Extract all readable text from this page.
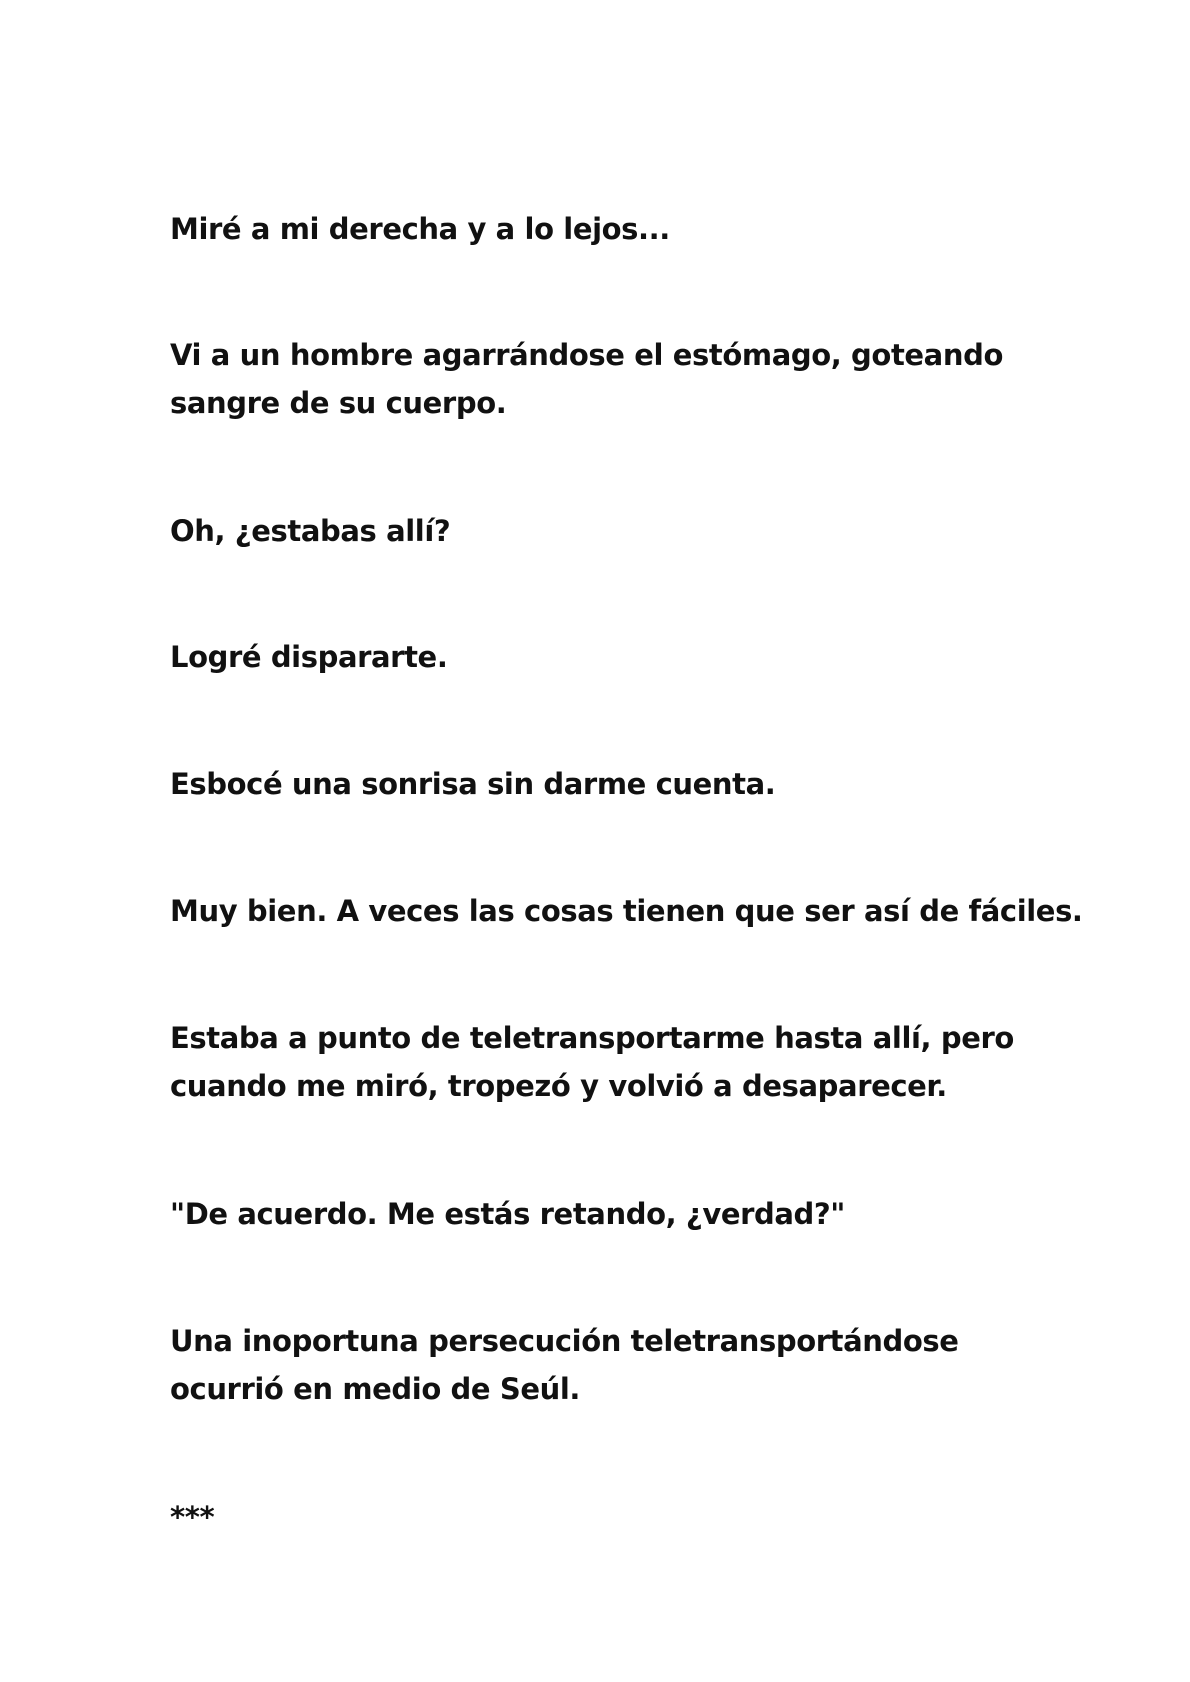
Miré a mi derecha y a lo lejos...

Vi a un hombre agarrándose el estómago, goteando
sangre de su cuerpo.

Oh, ¿estabas allí?

Logré dispararte.

Esbocé una sonrisa sin darme cuenta.

Muy bien. A veces las cosas tienen que ser así de fáciles.

Estaba a punto de teletransportarme hasta allí, pero
cuando me miró, tropezó y volvió a desaparecer.

"De acuerdo. Me estás retando, ¿verdad?"

Una inoportuna persecución teletransportándose
ocurrió en medio de Seúl.

***
